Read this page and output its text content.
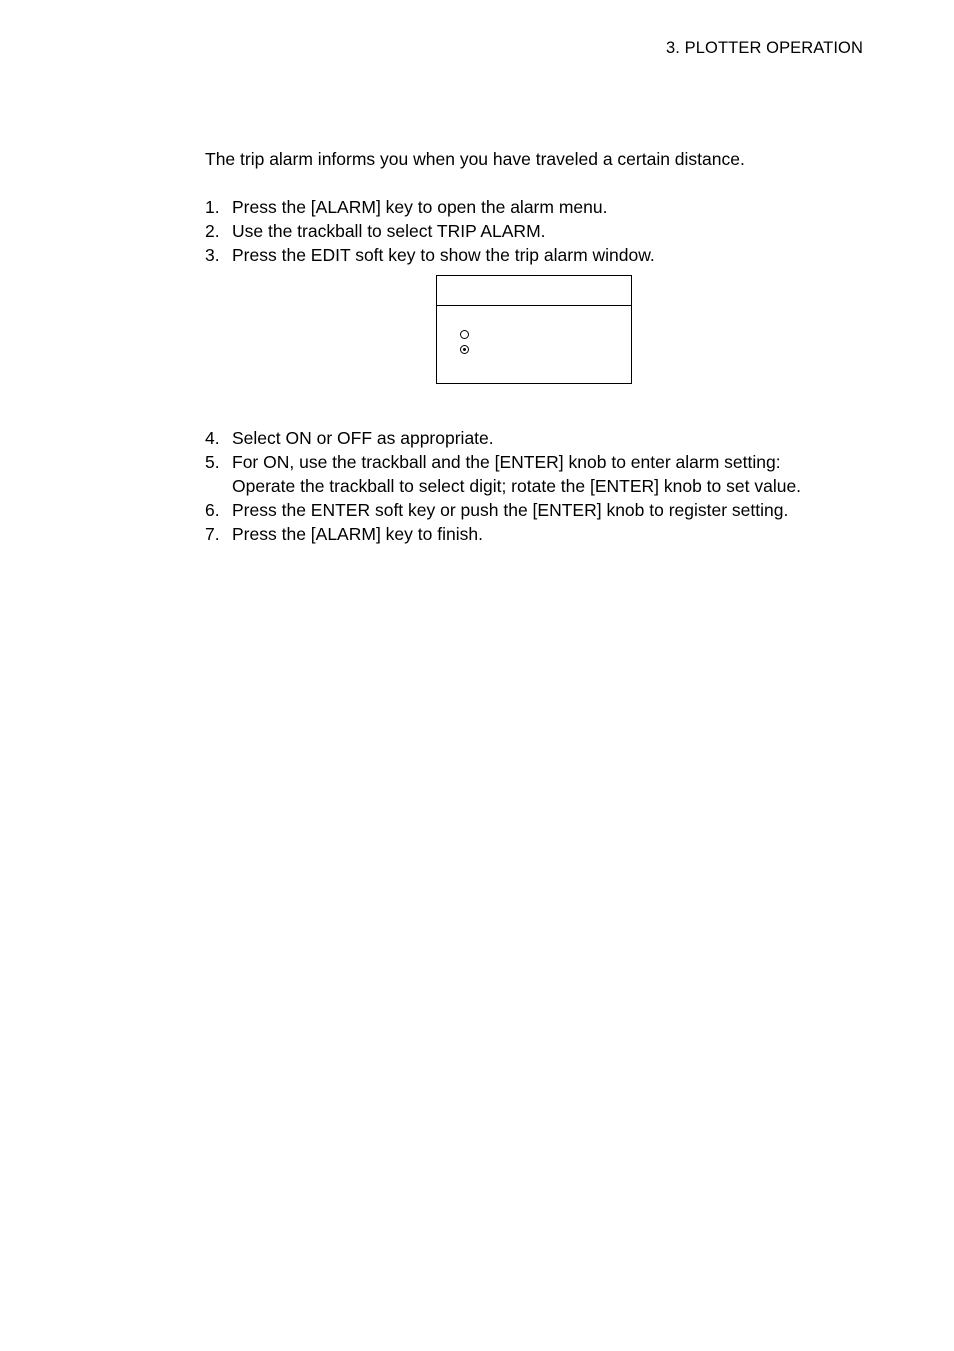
3. PLOTTER OPERATION

The trip alarm informs you when you have traveled a certain distance.

1. Press the [ALARM] key to open the alarm menu.
2. Use the trackball to select TRIP ALARM.
3. Press the EDIT soft key to show the trip alarm window.
4. Select ON or OFF as appropriate.
5. For ON, use the trackball and the [ENTER] knob to enter alarm setting:
Operate the trackball to select digit; rotate the [ENTER] knob to set value.
6. Press the ENTER soft key or push the [ENTER] knob to register setting.
7. Press the [ALARM] key to finish.
